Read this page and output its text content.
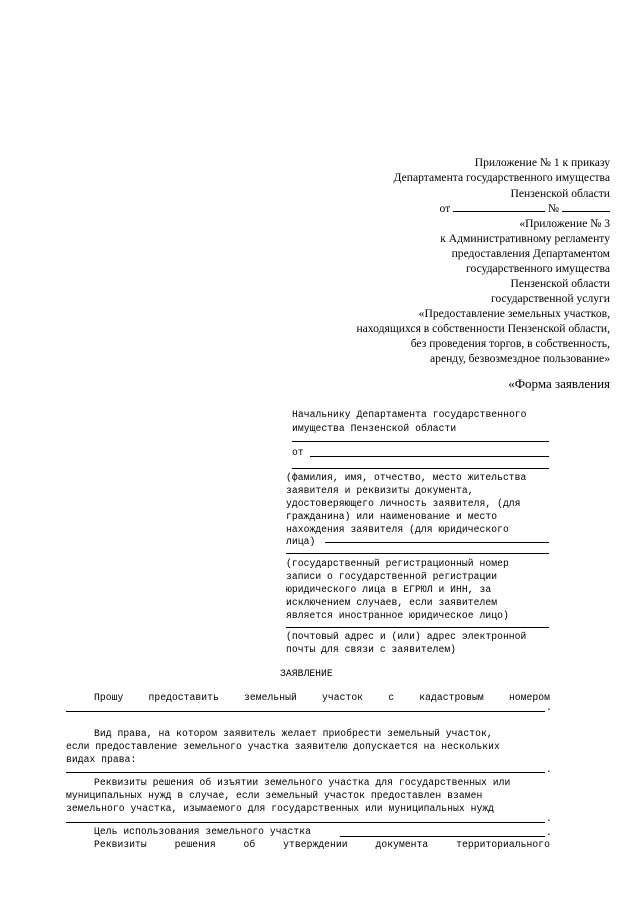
Приложение № 1 к приказу
Департамента государственного имущества
Пензенской области
от	№
«Приложение № 3
к Административному регламенту
предоставления Департаментом
государственного имущества
Пензенской области
государственной услуги
«Предоставление земельных участков,
находящихся в собственности Пензенской области,
без проведения торгов, в собственность,
аренду, безвозмездное пользование»
«Форма заявления
Начальнику Департамента государственного
имущества Пензенской области
от
(фамилия, имя, отчество, место жительства
заявителя и реквизиты документа,
удостоверяющего личность заявителя, (для
гражданина) или наименование и место
нахождения заявителя (для юридического
лица)
(государственный регистрационный номер
записи о государственной регистрации
юридического лица в ЕГРЮЛ и ИНН, за
исключением случаев, если заявителем
является иностранное юридическое лицо)
(почтовый адрес и (или) адрес электронной
почты для связи с заявителем)
ЗАЯВЛЕНИЕ
Прошу	предоставить	земельный	участок	с	кадастровым	номером
.
Вид права, на котором заявитель желает приобрести земельный участок,
если предоставление земельного участка заявителю допускается на нескольких
видах права:
.
Реквизиты решения об изъятии земельного участка для государственных или
муниципальных нужд в случае, если земельный участок предоставлен взамен
земельного участка, изымаемого для государственных или муниципальных нужд
.
Цель использования земельного участка	.
Реквизиты	решения	об	утверждении	документа	территориального
